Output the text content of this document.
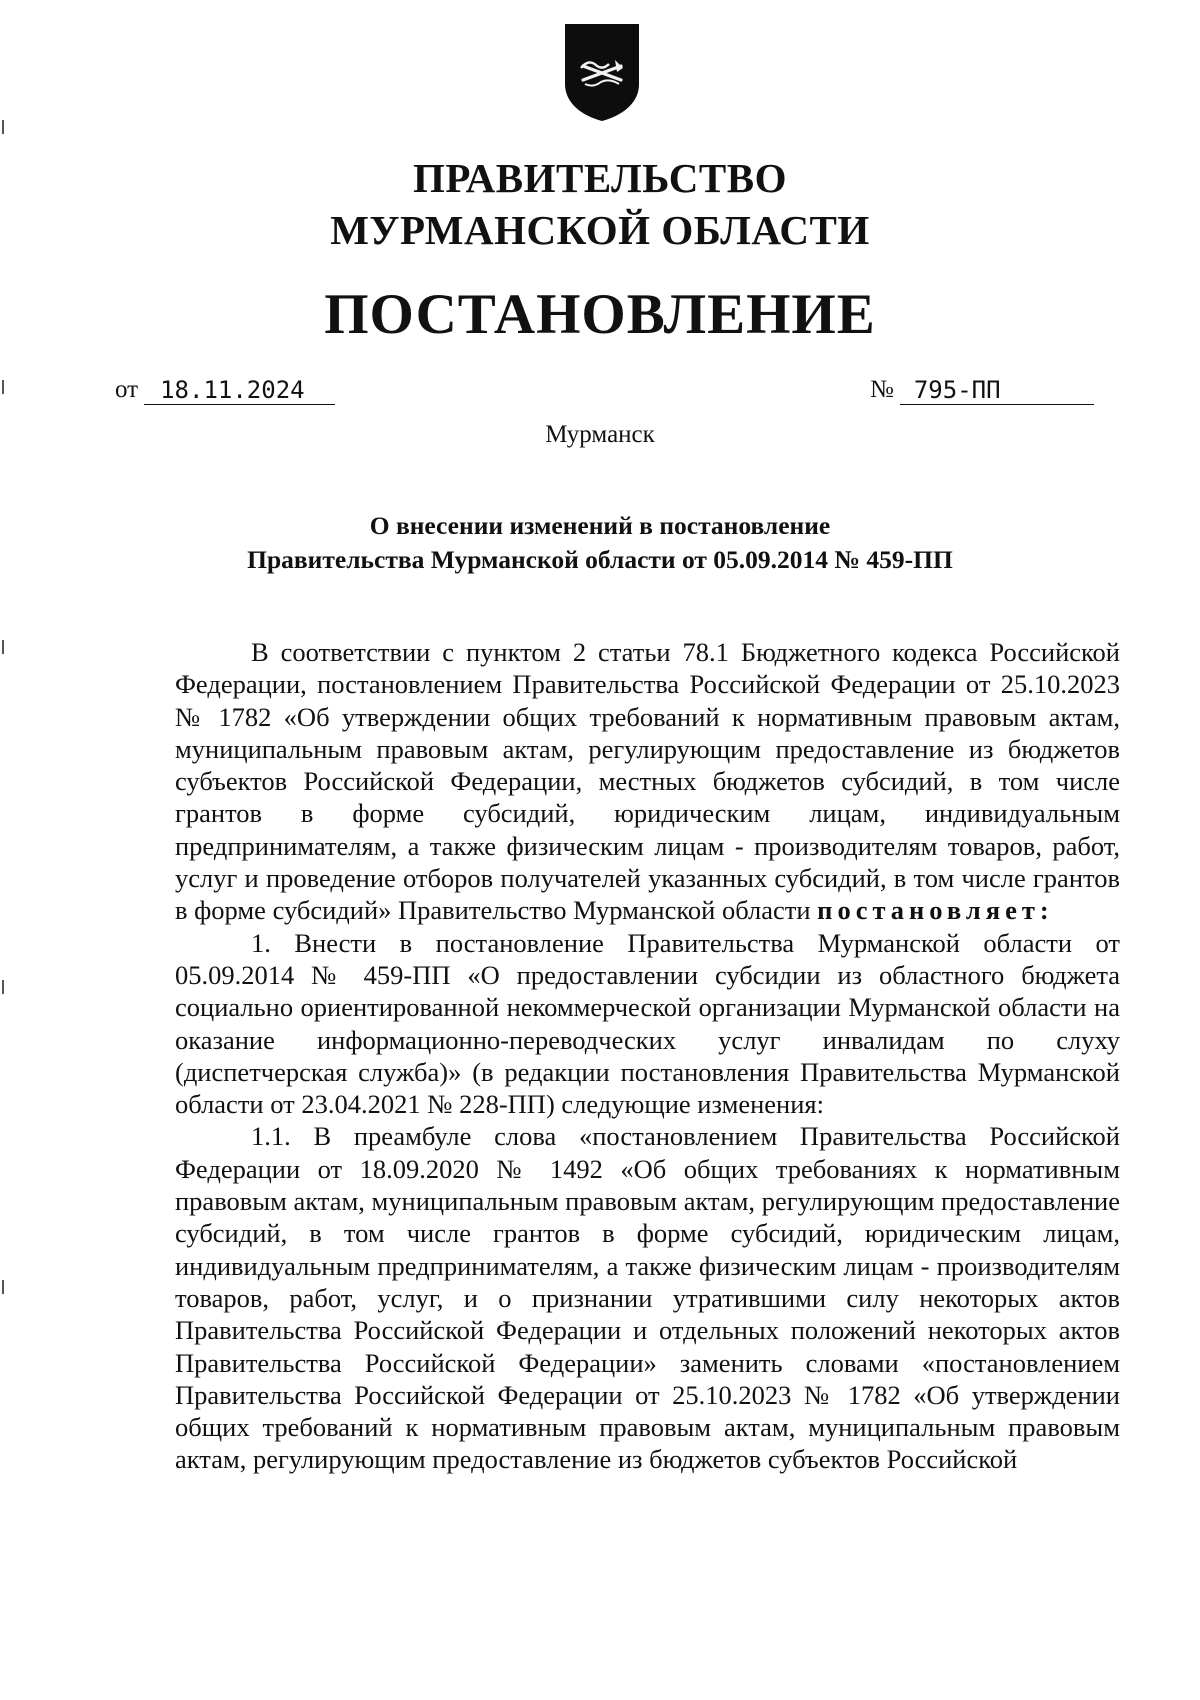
ПРАВИТЕЛЬСТВО
МУРМАНСКОЙ ОБЛАСТИ
ПОСТАНОВЛЕНИЕ
от 18.11.2024	№ 795-ПП
Мурманск
О внесении изменений в постановление
Правительства Мурманской области от 05.09.2014 № 459-ПП

В соответствии с пунктом 2 статьи 78.1 Бюджетного кодекса Российской Федерации, постановлением Правительства Российской Федерации от 25.10.2023 № 1782 «Об утверждении общих требований к нормативным правовым актам, муниципальным правовым актам, регулирующим предоставление из бюджетов субъектов Российской Федерации, местных бюджетов субсидий, в том числе грантов в форме субсидий, юридическим лицам, индивидуальным предпринимателям, а также физическим лицам - производителям товаров, работ, услуг и проведение отборов получателей указанных субсидий, в том числе грантов в форме субсидий» Правительство Мурманской области постановляет:

1. Внести в постановление Правительства Мурманской области от 05.09.2014 № 459-ПП «О предоставлении субсидии из областного бюджета социально ориентированной некоммерческой организации Мурманской области на оказание информационно-переводческих услуг инвалидам по слуху (диспетчерская служба)» (в редакции постановления Правительства Мурманской области от 23.04.2021 № 228-ПП) следующие изменения:

1.1. В преамбуле слова «постановлением Правительства Российской Федерации от 18.09.2020 № 1492 «Об общих требованиях к нормативным правовым актам, муниципальным правовым актам, регулирующим предоставление субсидий, в том числе грантов в форме субсидий, юридическим лицам, индивидуальным предпринимателям, а также физическим лицам - производителям товаров, работ, услуг, и о признании утратившими силу некоторых актов Правительства Российской Федерации и отдельных положений некоторых актов Правительства Российской Федерации» заменить словами «постановлением Правительства Российской Федерации от 25.10.2023 № 1782 «Об утверждении общих требований к нормативным правовым актам, муниципальным правовым актам, регулирующим предоставление из бюджетов субъектов Российской
